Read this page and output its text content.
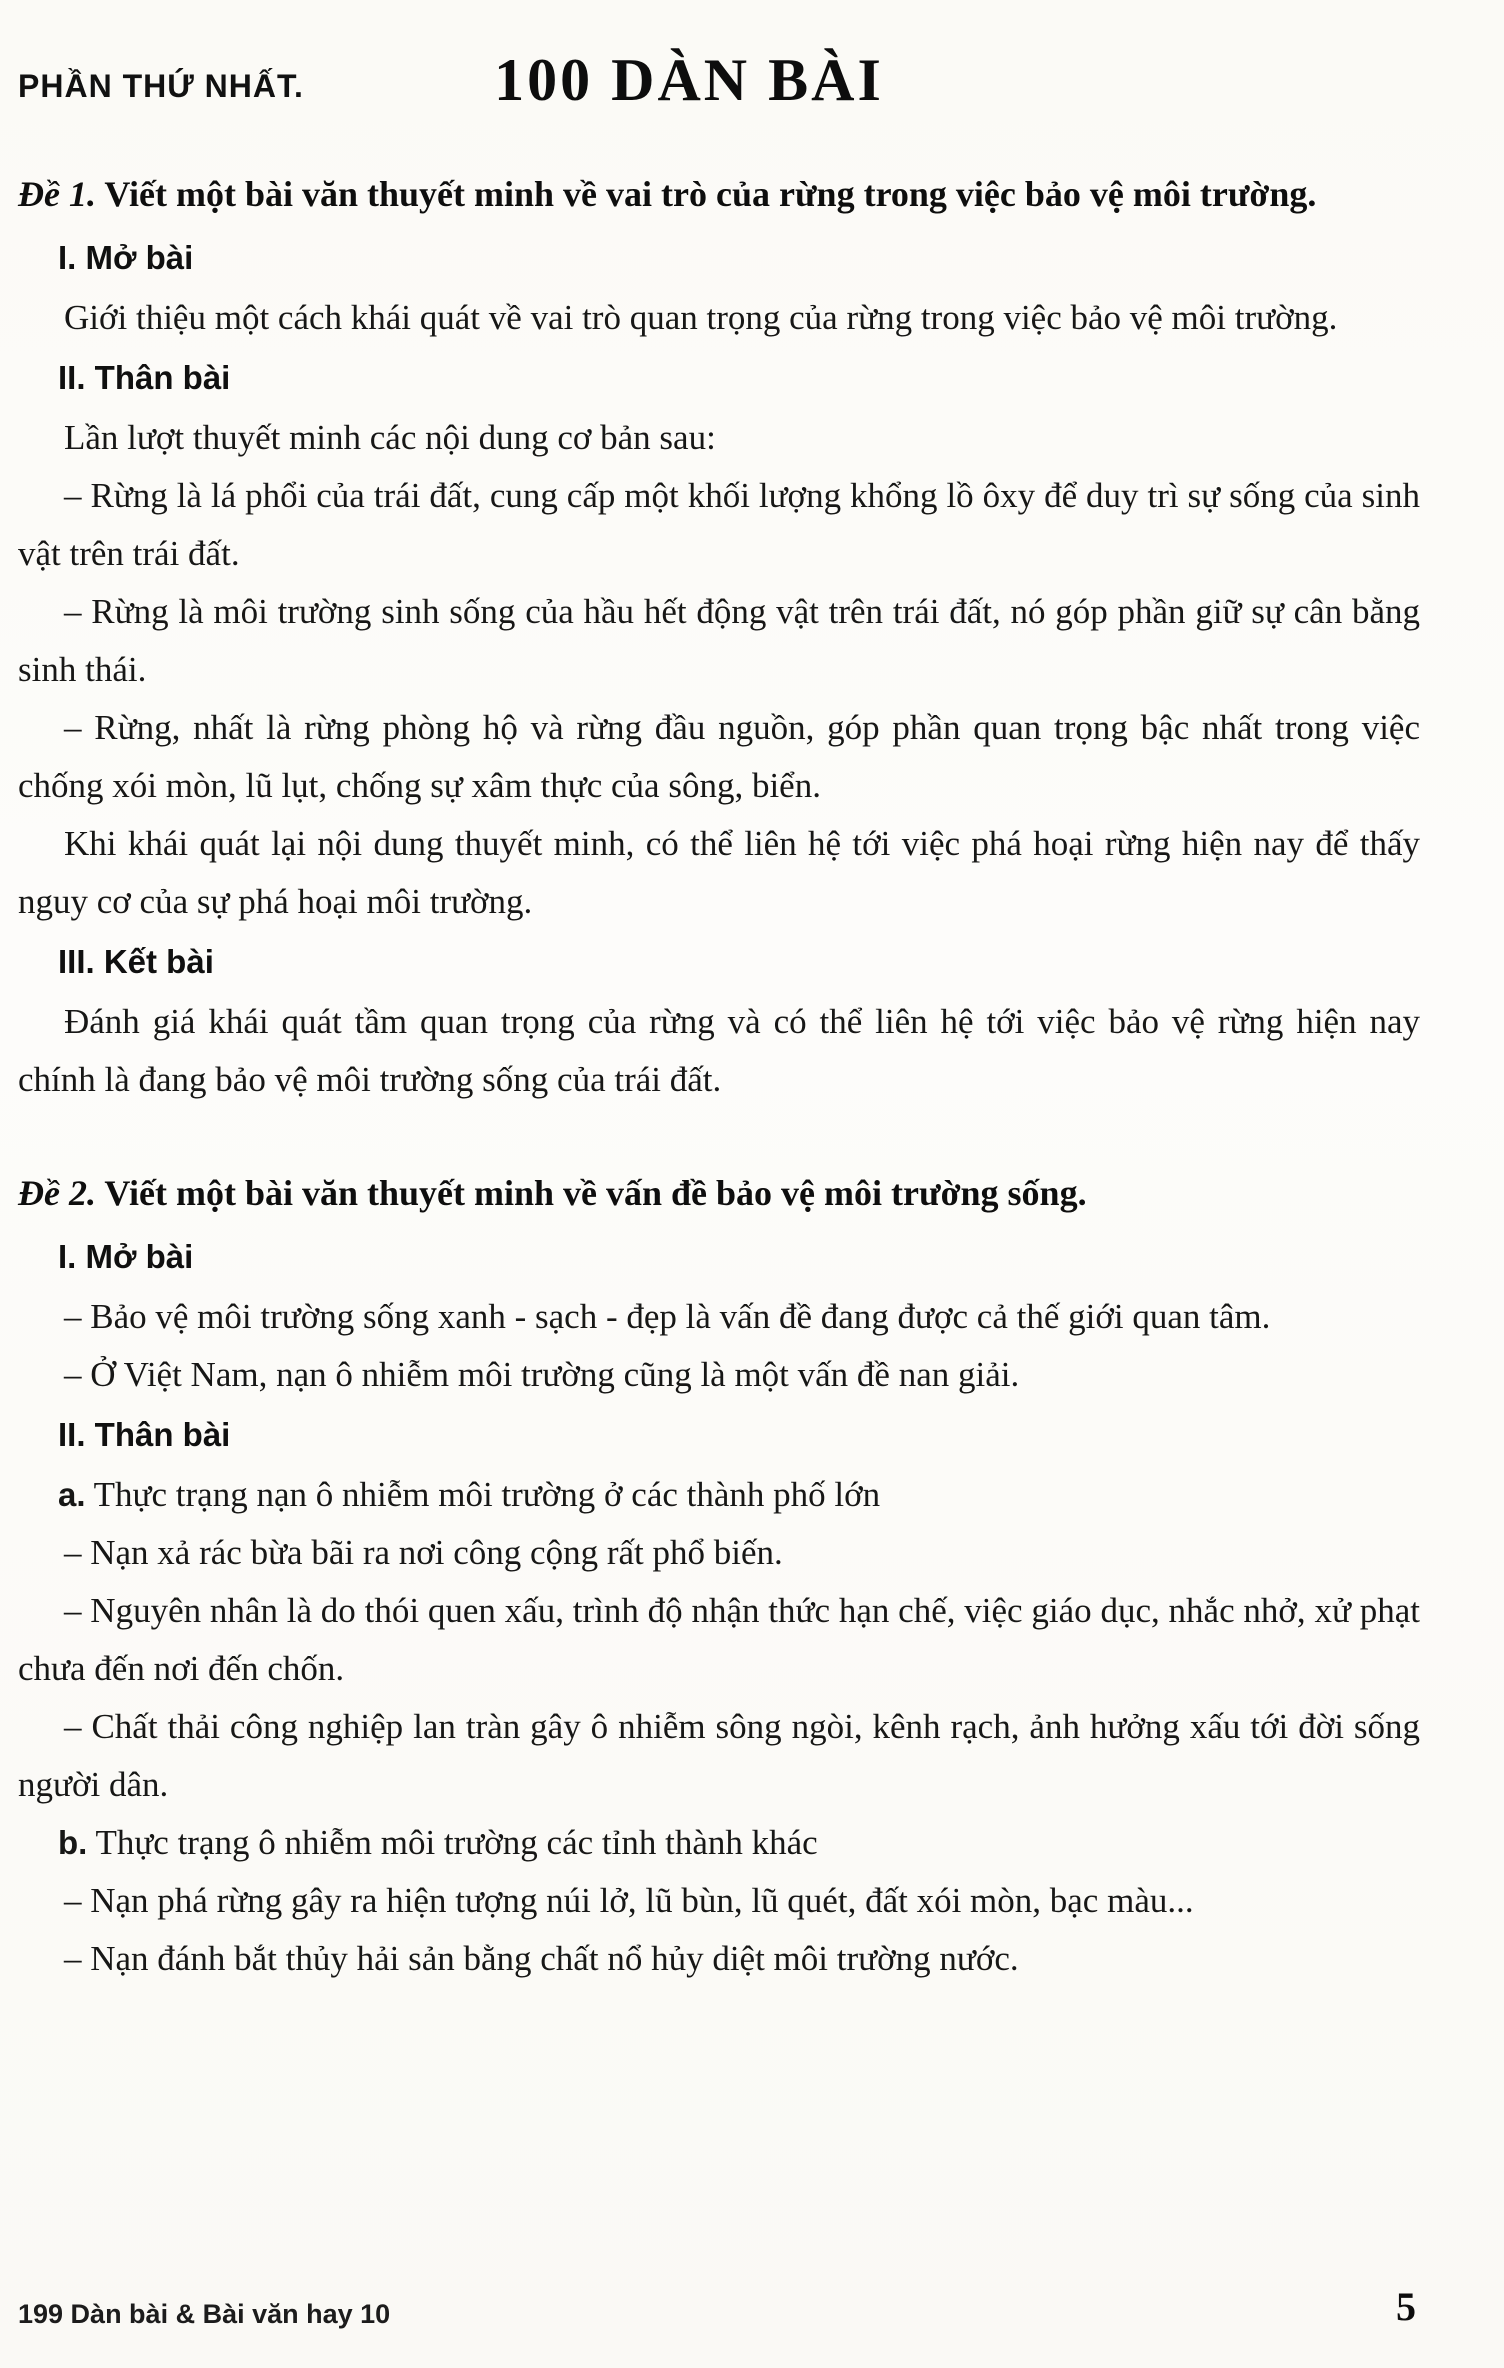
PHẦN THỨ NHẤT.	100 DÀN BÀI

Đề 1. Viết một bài văn thuyết minh về vai trò của rừng trong việc bảo vệ môi trường.

I. Mở bài

Giới thiệu một cách khái quát về vai trò quan trọng của rừng trong việc bảo vệ môi trường.

II. Thân bài

Lần lượt thuyết minh các nội dung cơ bản sau:

– Rừng là lá phổi của trái đất, cung cấp một khối lượng khổng lồ ôxy để duy trì sự sống của sinh vật trên trái đất.

– Rừng là môi trường sinh sống của hầu hết động vật trên trái đất, nó góp phần giữ sự cân bằng sinh thái.

– Rừng, nhất là rừng phòng hộ và rừng đầu nguồn, góp phần quan trọng bậc nhất trong việc chống xói mòn, lũ lụt, chống sự xâm thực của sông, biển.

Khi khái quát lại nội dung thuyết minh, có thể liên hệ tới việc phá hoại rừng hiện nay để thấy nguy cơ của sự phá hoại môi trường.

III. Kết bài

Đánh giá khái quát tầm quan trọng của rừng và có thể liên hệ tới việc bảo vệ rừng hiện nay chính là đang bảo vệ môi trường sống của trái đất.

Đề 2. Viết một bài văn thuyết minh về vấn đề bảo vệ môi trường sống.

I. Mở bài

– Bảo vệ môi trường sống xanh - sạch - đẹp là vấn đề đang được cả thế giới quan tâm.

– Ở Việt Nam, nạn ô nhiễm môi trường cũng là một vấn đề nan giải.

II. Thân bài

a. Thực trạng nạn ô nhiễm môi trường ở các thành phố lớn

– Nạn xả rác bừa bãi ra nơi công cộng rất phổ biến.

– Nguyên nhân là do thói quen xấu, trình độ nhận thức hạn chế, việc giáo dục, nhắc nhở, xử phạt chưa đến nơi đến chốn.

– Chất thải công nghiệp lan tràn gây ô nhiễm sông ngòi, kênh rạch, ảnh hưởng xấu tới đời sống người dân.

b. Thực trạng ô nhiễm môi trường các tỉnh thành khác

– Nạn phá rừng gây ra hiện tượng núi lở, lũ bùn, lũ quét, đất xói mòn, bạc màu...

– Nạn đánh bắt thủy hải sản bằng chất nổ hủy diệt môi trường nước.

199 Dàn bài & Bài văn hay 10	5
